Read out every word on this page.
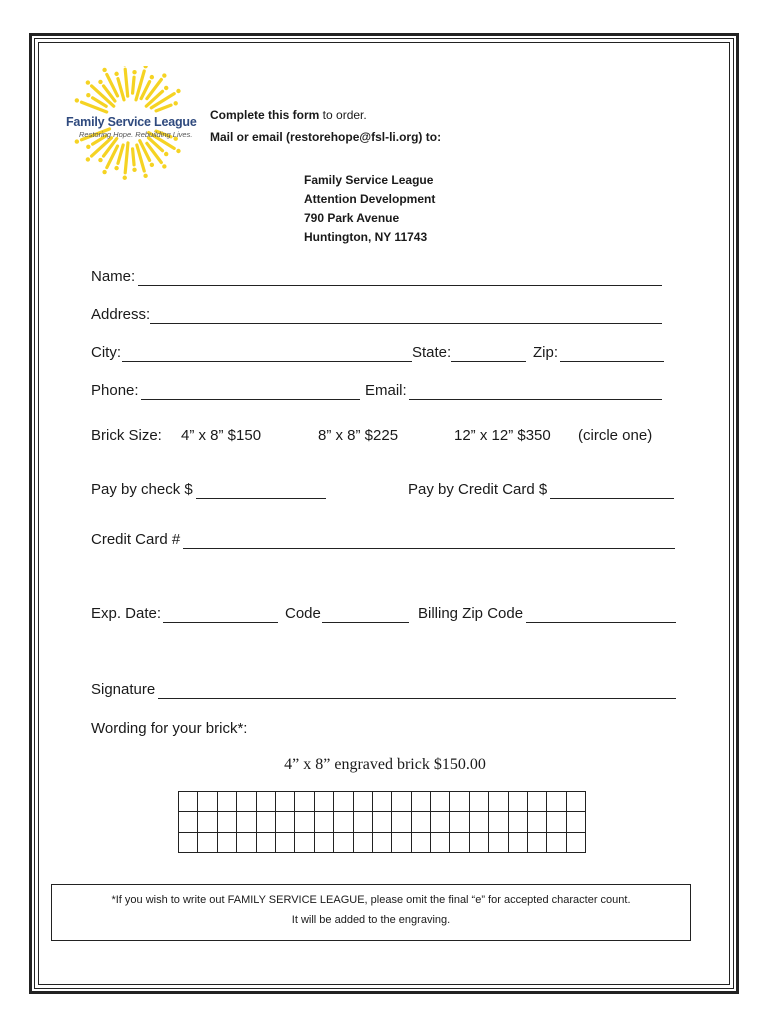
Family Service League
Restoring Hope. Rebuilding Lives.
Complete this form to order.
Mail or email (restorehope@fsl-li.org) to:
Family Service League
Attention Development
790 Park Avenue
Huntington, NY 11743
Name:
Address:
City:	State:	Zip:
Phone:	Email:
Brick Size: 4” x 8” $150	8” x 8” $225	12” x 12” $350 (circle one)
Pay by check $	Pay by Credit Card $
Credit Card #
Exp. Date:	Code	Billing Zip Code
Signature
Wording for your brick*:
4” x 8” engraved brick $150.00

*If you wish to write out FAMILY SERVICE LEAGUE, please omit the final “e” for accepted character count.
It will be added to the engraving.
